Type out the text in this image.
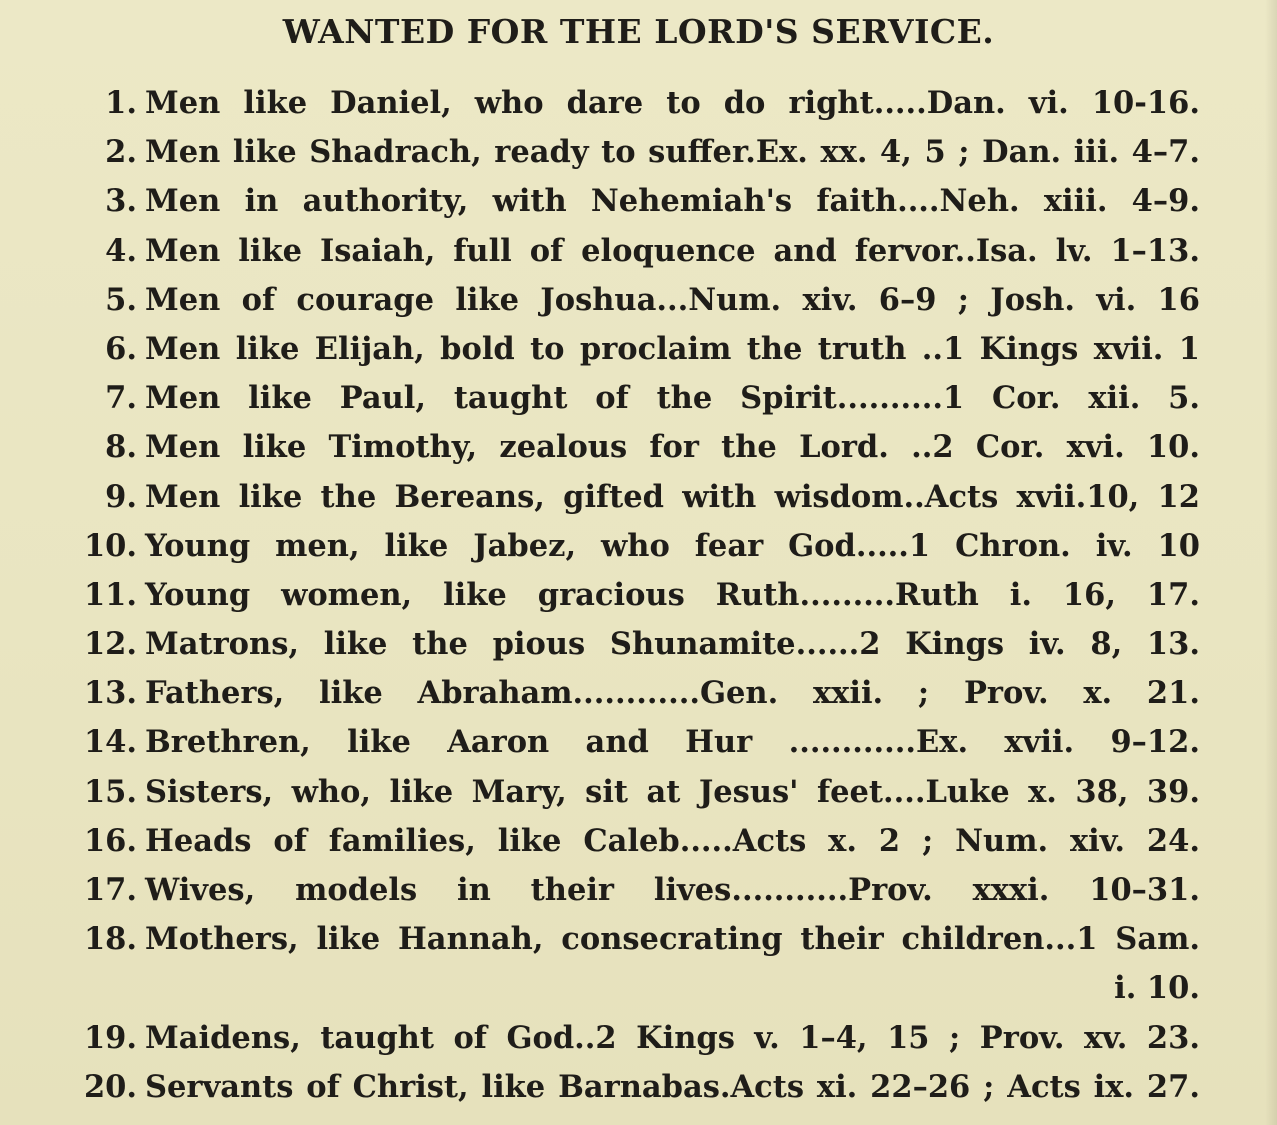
WANTED FOR THE LORD'S SERVICE.
1. Men like Daniel, who dare to do right.....Dan. vi. 10-16.
2. Men like Shadrach, ready to suffer.Ex. xx. 4, 5 ; Dan. iii. 4–7.
3. Men in authority, with Nehemiah's faith....Neh. xiii. 4–9.
4. Men like Isaiah, full of eloquence and fervor..Isa. lv. 1–13.
5. Men of courage like Joshua...Num. xiv. 6–9 ; Josh. vi. 16
6. Men like Elijah, bold to proclaim the truth ..1 Kings xvii. 1
7. Men like Paul, taught of the Spirit..........1 Cor. xii. 5.
8. Men like Timothy, zealous for the Lord. ..2 Cor. xvi. 10.
9. Men like the Bereans, gifted with wisdom..Acts xvii.10, 12
10. Young men, like Jabez, who fear God.....1 Chron. iv. 10
11. Young women, like gracious Ruth.........Ruth i. 16, 17.
12. Matrons, like the pious Shunamite......2 Kings iv. 8, 13.
13. Fathers, like Abraham............Gen. xxii. ; Prov. x. 21.
14. Brethren, like Aaron and Hur ............Ex. xvii. 9–12.
15. Sisters, who, like Mary, sit at Jesus' feet....Luke x. 38, 39.
16. Heads of families, like Caleb.....Acts x. 2 ; Num. xiv. 24.
17. Wives, models in their lives...........Prov. xxxi. 10–31.
18. Mothers, like Hannah, consecrating their children...1 Sam.
i. 10.
19. Maidens, taught of God..2 Kings v. 1–4, 15 ; Prov. xv. 23.
20. Servants of Christ, like Barnabas.Acts xi. 22–26 ; Acts ix. 27.
